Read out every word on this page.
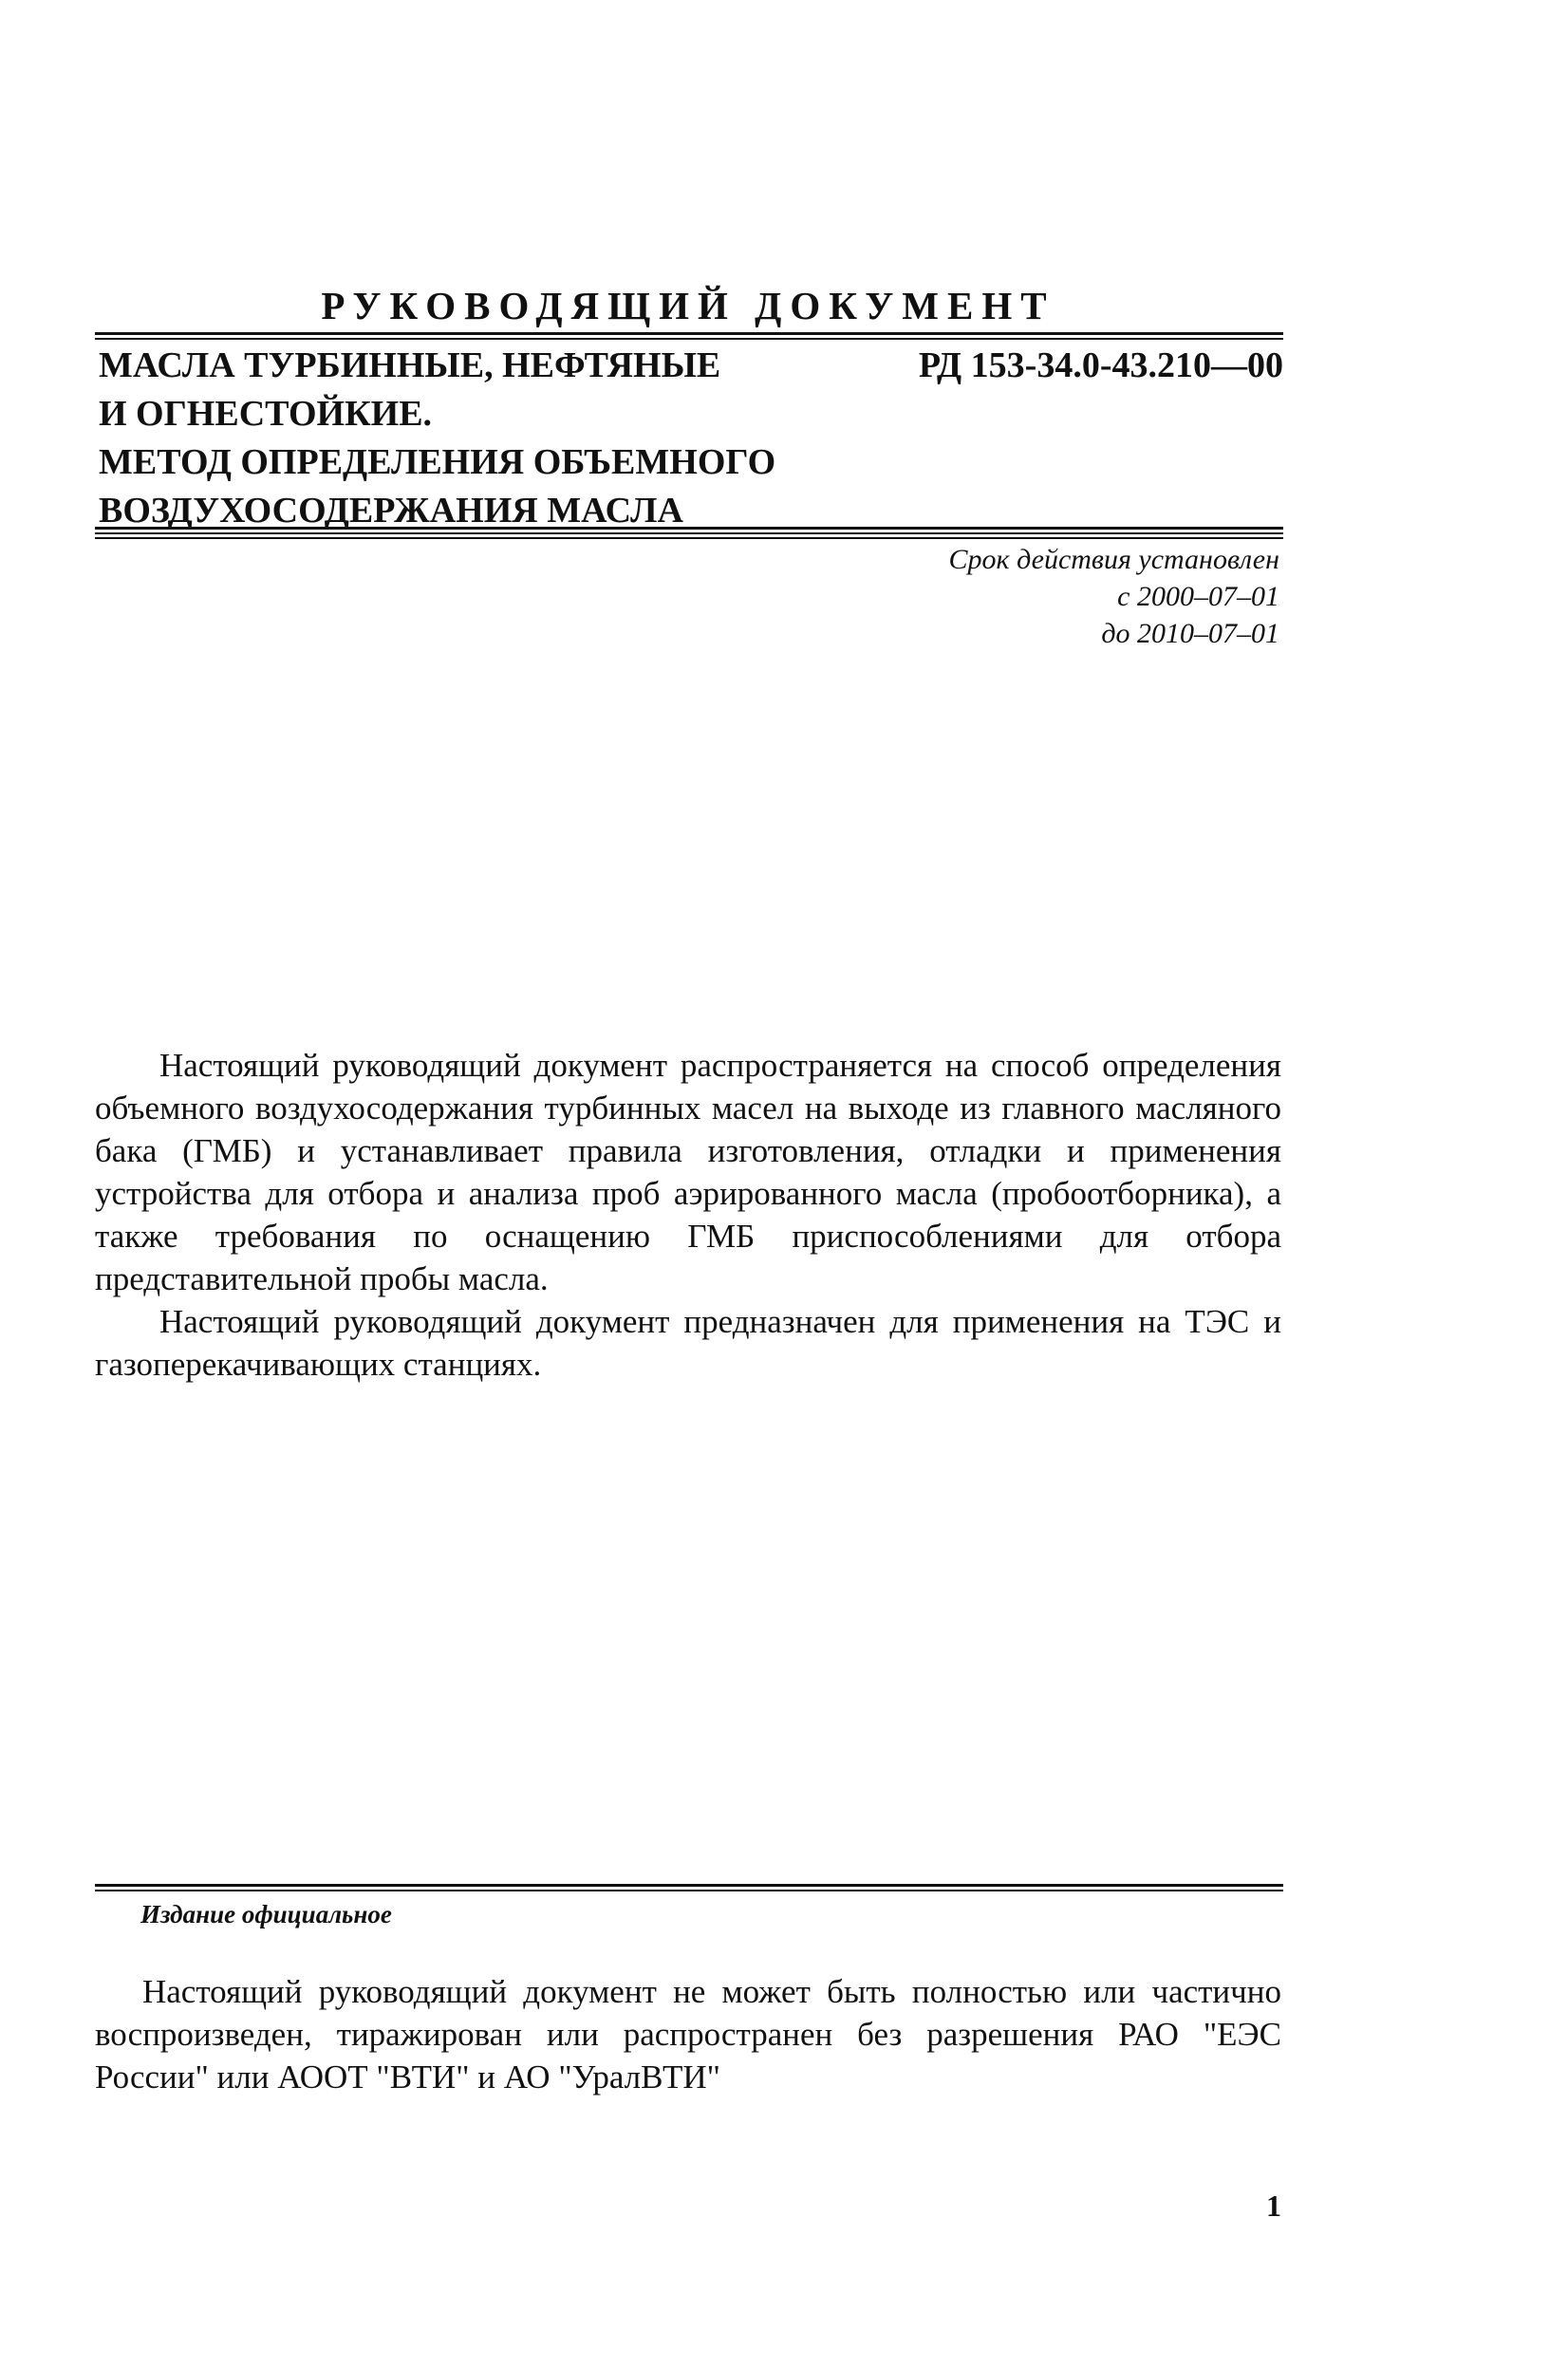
РУКОВОДЯЩИЙ ДОКУМЕНТ
МАСЛА ТУРБИННЫЕ, НЕФТЯНЫЕ
И ОГНЕСТОЙКИЕ.
МЕТОД ОПРЕДЕЛЕНИЯ ОБЪЕМНОГО
ВОЗДУХОСОДЕРЖАНИЯ МАСЛА
РД 153-34.0-43.210—00
Срок действия установлен
с 2000–07–01
до 2010–07–01

Настоящий руководящий документ распространяется на способ определения объемного воздухосодержания турбинных масел на выходе из главного масляного бака (ГМБ) и устанавливает правила изготовления, отладки и применения устройства для отбора и анализа проб аэрированного масла (пробоотборника), а также требования по оснащению ГМБ приспособлениями для отбора представительной пробы масла.

Настоящий руководящий документ предназначен для применения на ТЭС и газоперекачивающих станциях.

Издание официальное

Настоящий руководящий документ не может быть полностью или частично воспроизведен, тиражирован или распространен без разрешения РАО "ЕЭС России" или АООТ "ВТИ" и АО "УралВТИ"

1
